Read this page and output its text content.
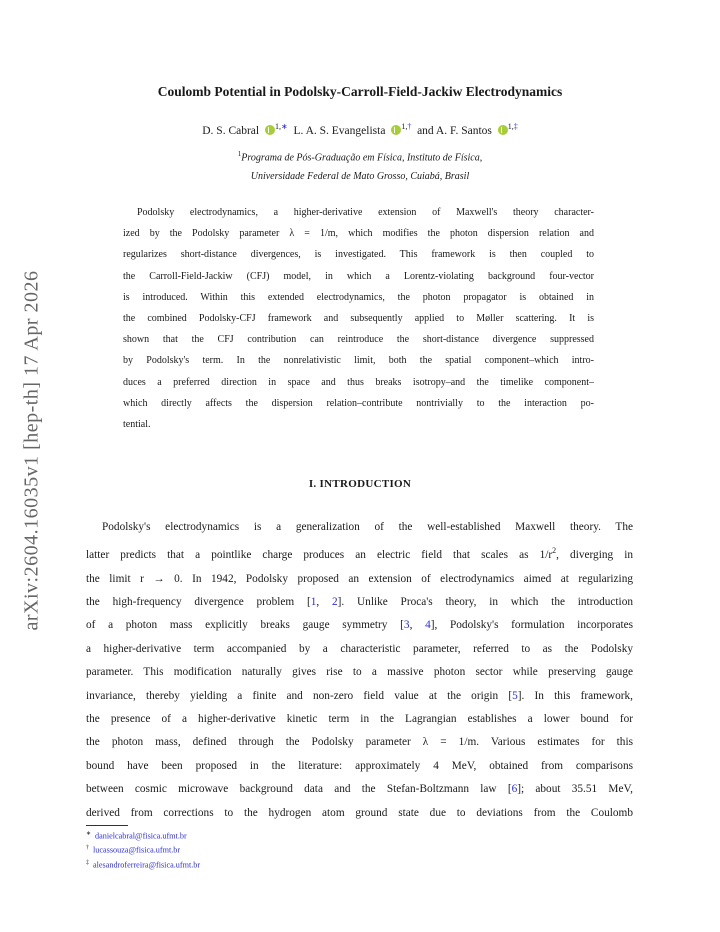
arXiv:2604.16035v1 [hep-th] 17 Apr 2026
Coulomb Potential in Podolsky-Carroll-Field-Jackiw Electrodynamics
D. S. Cabral $^{1,∗}$ L. A. S. Evangelista $^{1,\dagger}$ and A. F. Santos $^{1,\ddagger}$
$^1$Programa de Pós-Graduação em Física, Instituto de Física,
Universidade Federal de Mato Grosso, Cuiabá, Brasil
Podolsky electrodynamics, a higher-derivative extension of Maxwell's theory character-
ized by the Podolsky parameter λ = 1/m, which modifies the photon dispersion relation and
regularizes short-distance divergences, is investigated. This framework is then coupled to
the Carroll-Field-Jackiw (CFJ) model, in which a Lorentz-violating background four-vector
is introduced. Within this extended electrodynamics, the photon propagator is obtained in
the combined Podolsky-CFJ framework and subsequently applied to Møller scattering. It is
shown that the CFJ contribution can reintroduce the short-distance divergence suppressed
by Podolsky's term. In the nonrelativistic limit, both the spatial component–which intro-
duces a preferred direction in space and thus breaks isotropy–and the timelike component–
which directly affects the dispersion relation–contribute nontrivially to the interaction po-
tential.
I. INTRODUCTION
Podolsky's electrodynamics is a generalization of the well-established Maxwell theory. The
latter predicts that a pointlike charge produces an electric field that scales as $1/r^2$, diverging in
the limit r → 0. In 1942, Podolsky proposed an extension of electrodynamics aimed at regularizing
the high-frequency divergence problem [1, 2]. Unlike Proca's theory, in which the introduction
of a photon mass explicitly breaks gauge symmetry [3, 4], Podolsky's formulation incorporates
a higher-derivative term accompanied by a characteristic parameter, referred to as the Podolsky
parameter. This modification naturally gives rise to a massive photon sector while preserving gauge
invariance, thereby yielding a finite and non-zero field value at the origin [5]. In this framework,
the presence of a higher-derivative kinetic term in the Lagrangian establishes a lower bound for
the photon mass, defined through the Podolsky parameter λ = 1/m. Various estimates for this
bound have been proposed in the literature: approximately 4 MeV, obtained from comparisons
between cosmic microwave background data and the Stefan-Boltzmann law [6]; about 35.51 MeV,
derived from corrections to the hydrogen atom ground state due to deviations from the Coulomb
∗ danielcabral@fisica.ufmt.br
† lucassouza@fisica.ufmt.br
‡ alesandroferreira@fisica.ufmt.br
